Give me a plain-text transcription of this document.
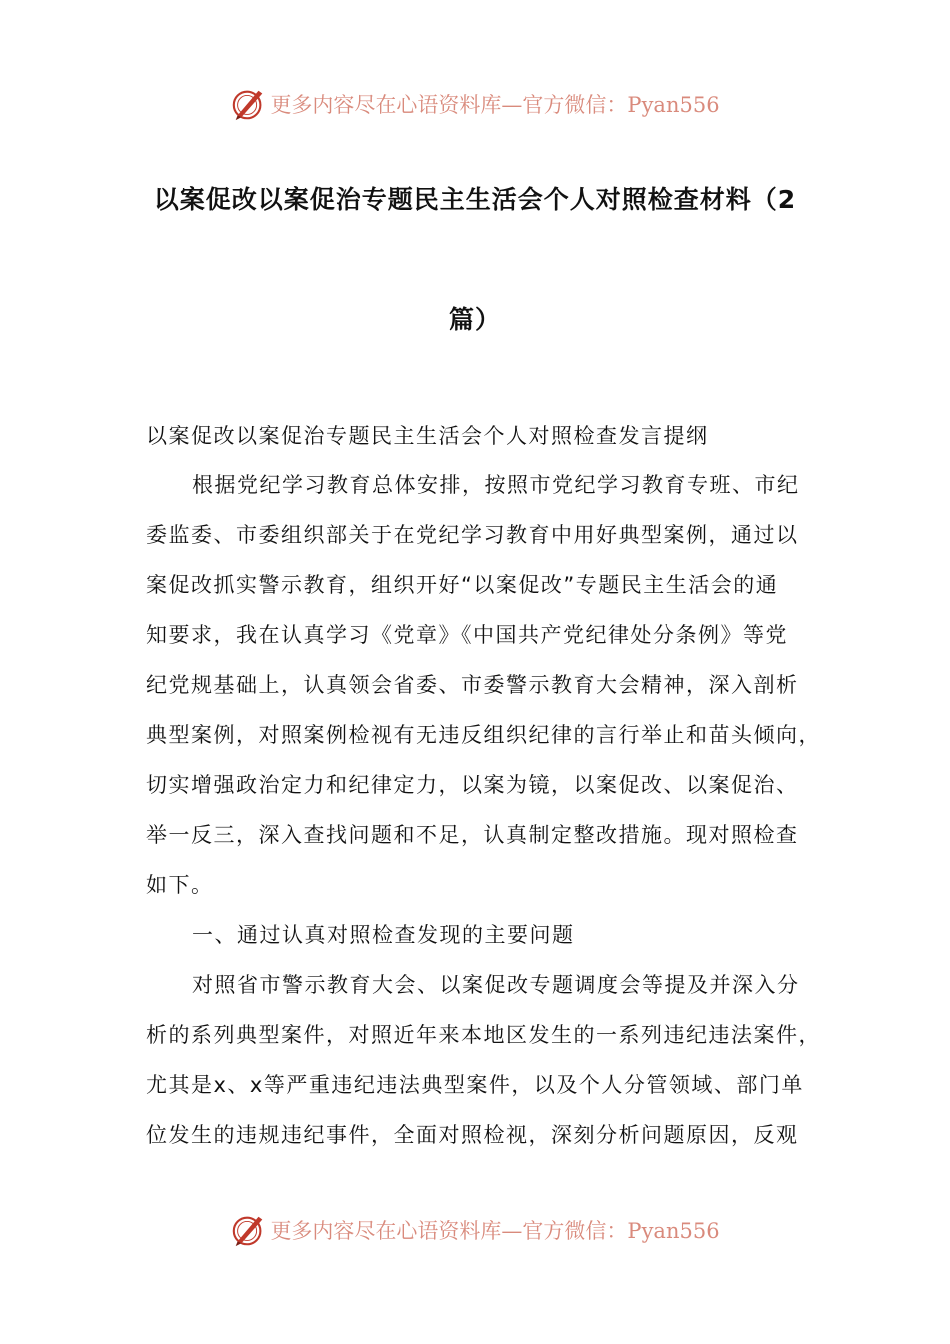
更多内容尽在心语资料库—官方微信：Pyan556
以案促改以案促治专题民主生活会个人对照检查材料（2
篇）
以案促改以案促治专题民主生活会个人对照检查发言提纲
根据党纪学习教育总体安排，按照市党纪学习教育专班、市纪
委监委、市委组织部关于在党纪学习教育中用好典型案例，通过以
案促改抓实警示教育，组织开好“以案促改”专题民主生活会的通
知要求，我在认真学习《党章》《中国共产党纪律处分条例》等党
纪党规基础上，认真领会省委、市委警示教育大会精神，深入剖析
典型案例，对照案例检视有无违反组织纪律的言行举止和苗头倾向，
切实增强政治定力和纪律定力，以案为镜，以案促改、以案促治、
举一反三，深入查找问题和不足，认真制定整改措施。现对照检查
如下。
一、通过认真对照检查发现的主要问题
对照省市警示教育大会、以案促改专题调度会等提及并深入分
析的系列典型案件，对照近年来本地区发生的一系列违纪违法案件，
尤其是x、x等严重违纪违法典型案件，以及个人分管领域、部门单
位发生的违规违纪事件，全面对照检视，深刻分析问题原因，反观
更多内容尽在心语资料库—官方微信：Pyan556
